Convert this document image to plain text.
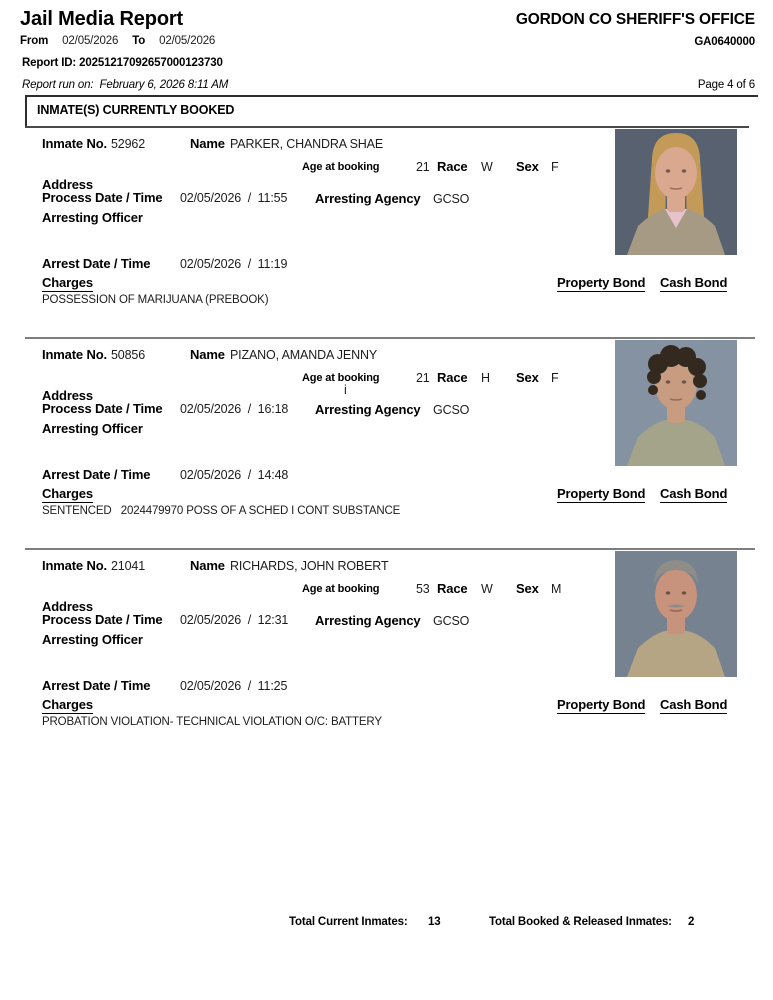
Jail Media Report
From 02/05/2026 To 02/05/2026
GORDON CO SHERIFF'S OFFICE
GA0640000
Report ID: 20251217092657000123730
Report run on:  February 6, 2026 8:11 AM	Page 4 of 6
INMATE(S) CURRENTLY BOOKED
Inmate No. 52962	Name PARKER, CHANDRA SHAE
Age at booking	21 Race W Sex F
Address
Process Date / Time 02/05/2026  /  11:55 Arresting Agency GCSO
Arresting Officer
Arrest Date / Time 02/05/2026  /  11:19
Charges	Property Bond Cash Bond
POSSESSION OF MARIJUANA (PREBOOK)
Inmate No. 50856	Name PIZANO, AMANDA JENNY
Age at booking	21 Race H Sex F
Address	i
Process Date / Time 02/05/2026  /  16:18 Arresting Agency GCSO
Arresting Officer
Arrest Date / Time 02/05/2026  /  14:48
Charges	Property Bond Cash Bond
SENTENCED   2024479970 POSS OF A SCHED I CONT SUBSTANCE
Inmate No. 21041	Name RICHARDS, JOHN ROBERT
Age at booking	53 Race W Sex M
Address
Process Date / Time 02/05/2026  /  12:31 Arresting Agency GCSO
Arresting Officer
Arrest Date / Time 02/05/2026  /  11:25
Charges	Property Bond Cash Bond
PROBATION VIOLATION- TECHNICAL VIOLATION O/C: BATTERY
Total Current Inmates: 13	Total Booked & Released Inmates: 2
